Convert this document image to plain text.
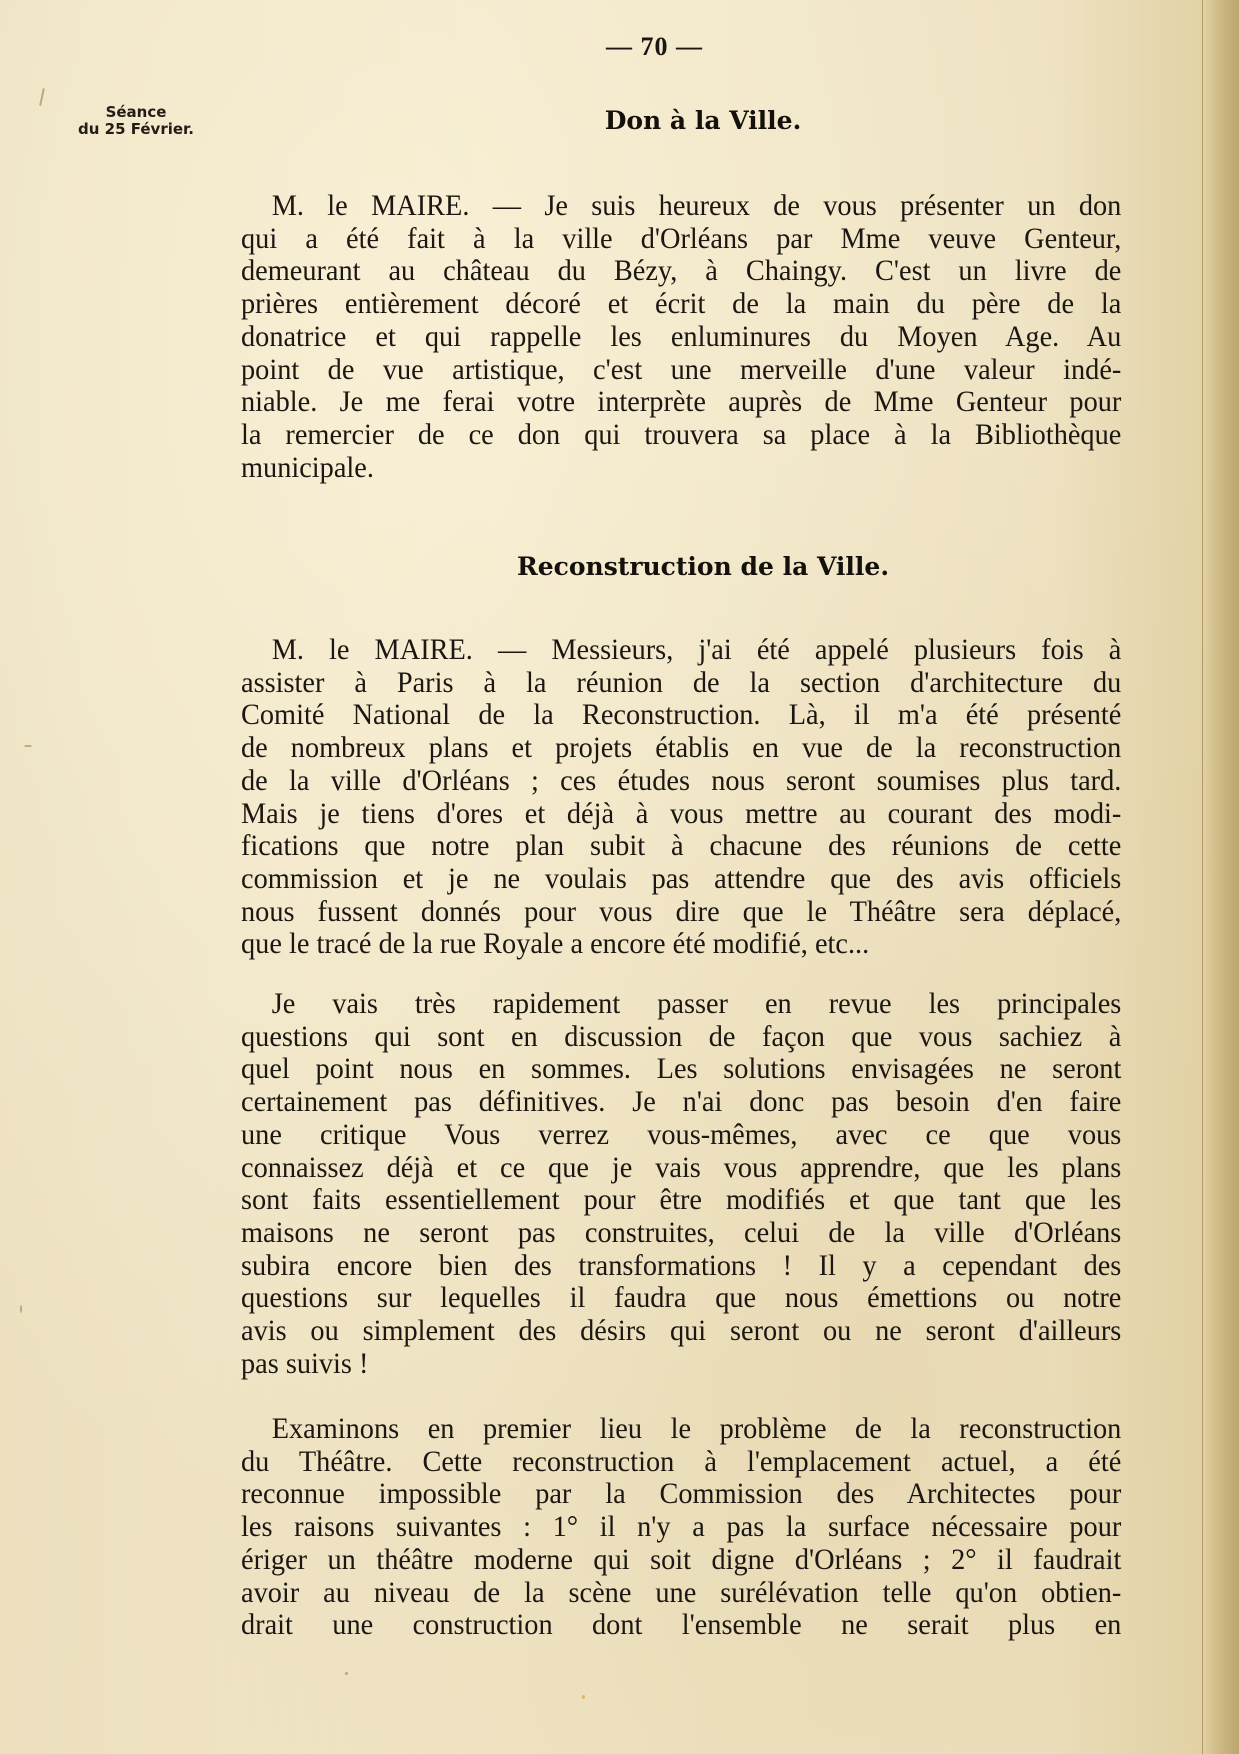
— 70 —
Séance
du 25 Février.	Don à la Ville.
M. le MAIRE. — Je suis heureux de vous présenter un don
qui a été fait à la ville d'Orléans par Mme veuve Genteur,
demeurant au château du Bézy, à Chaingy. C'est un livre de
prières entièrement décoré et écrit de la main du père de la
donatrice et qui rappelle les enluminures du Moyen Age. Au
point de vue artistique, c'est une merveille d'une valeur indé-
niable. Je me ferai votre interprète auprès de Mme Genteur pour
la remercier de ce don qui trouvera sa place à la Bibliothèque
municipale.
Reconstruction de la Ville.
M. le MAIRE. — Messieurs, j'ai été appelé plusieurs fois à
assister à Paris à la réunion de la section d'architecture du
Comité National de la Reconstruction. Là, il m'a été présenté
de nombreux plans et projets établis en vue de la reconstruction
de la ville d'Orléans ; ces études nous seront soumises plus tard.
Mais je tiens d'ores et déjà à vous mettre au courant des modi-
fications que notre plan subit à chacune des réunions de cette
commission et je ne voulais pas attendre que des avis officiels
nous fussent donnés pour vous dire que le Théâtre sera déplacé,
que le tracé de la rue Royale a encore été modifié, etc...
Je vais très rapidement passer en revue les principales
questions qui sont en discussion de façon que vous sachiez à
quel point nous en sommes. Les solutions envisagées ne seront
certainement pas définitives. Je n'ai donc pas besoin d'en faire
une critique Vous verrez vous-mêmes, avec ce que vous
connaissez déjà et ce que je vais vous apprendre, que les plans
sont faits essentiellement pour être modifiés et que tant que les
maisons ne seront pas construites, celui de la ville d'Orléans
subira encore bien des transformations ! Il y a cependant des
questions sur lequelles il faudra que nous émettions ou notre
avis ou simplement des désirs qui seront ou ne seront d'ailleurs
pas suivis !
Examinons en premier lieu le problème de la reconstruction
du Théâtre. Cette reconstruction à l'emplacement actuel, a été
reconnue impossible par la Commission des Architectes pour
les raisons suivantes : 1° il n'y a pas la surface nécessaire pour
ériger un théâtre moderne qui soit digne d'Orléans ; 2° il faudrait
avoir au niveau de la scène une surélévation telle qu'on obtien-
drait une construction dont l'ensemble ne serait plus en
